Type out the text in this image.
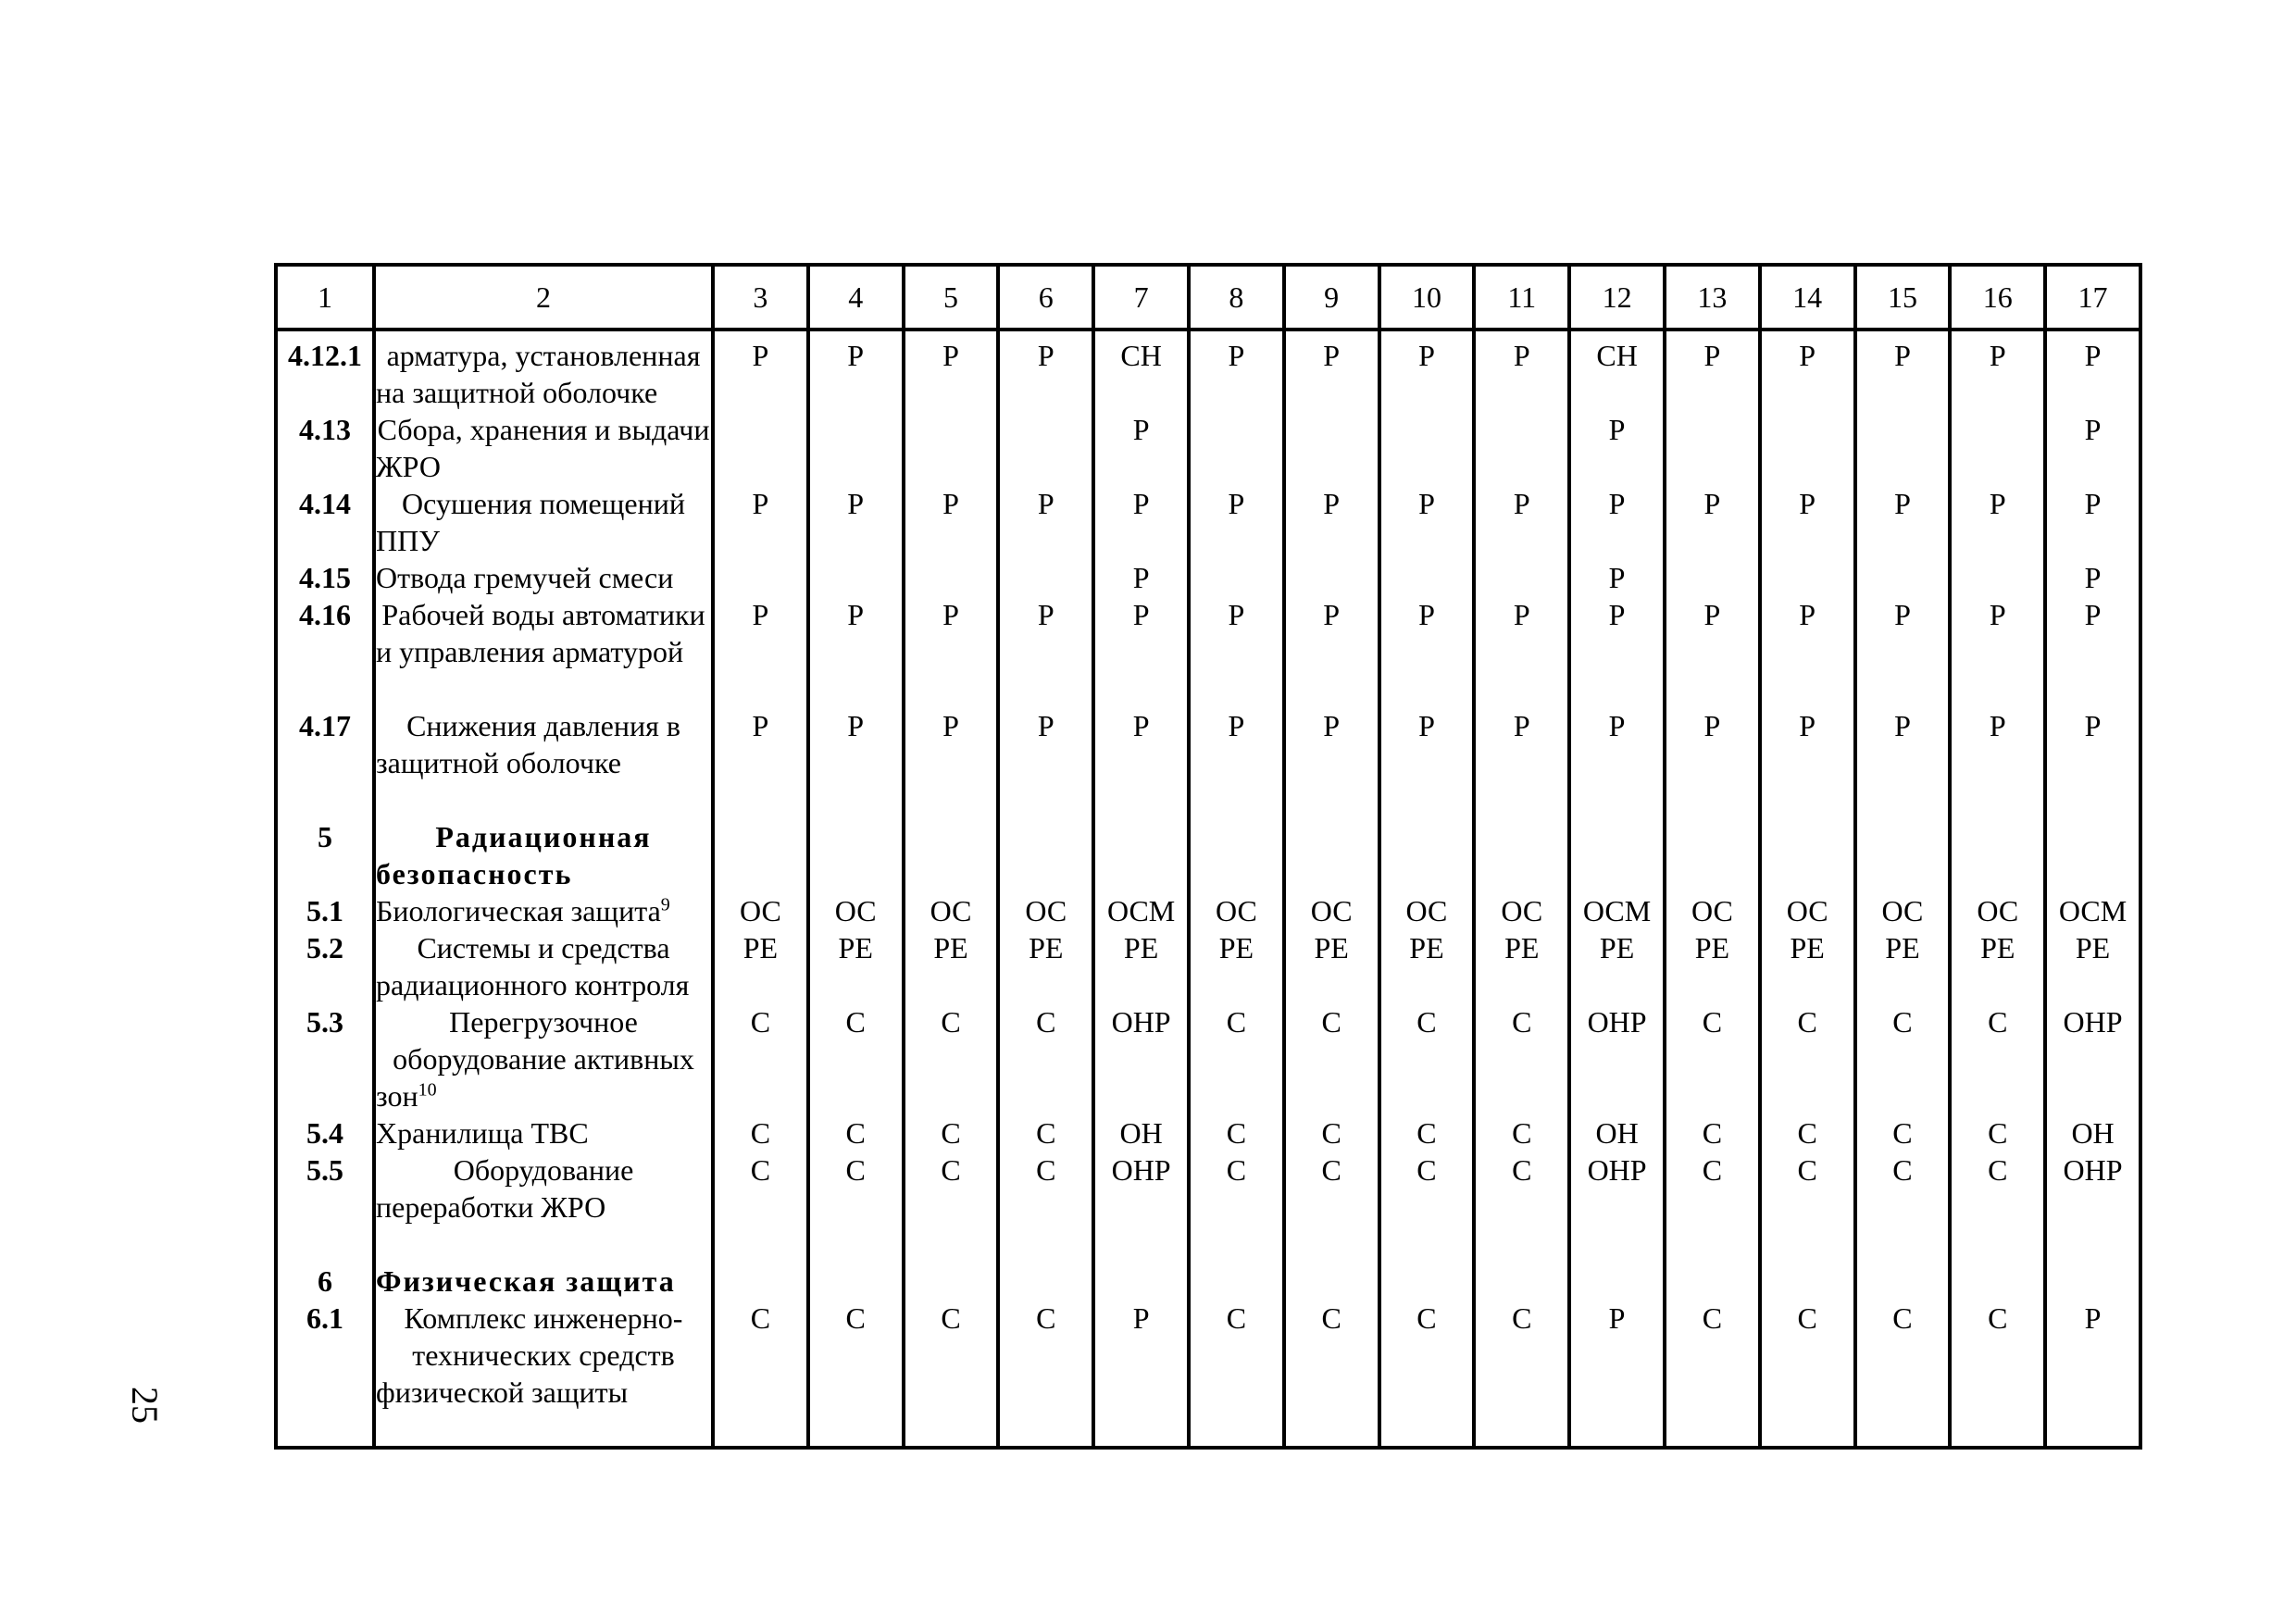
25
1	2	3	4	5	6	7	8	9	10	11	12	13	14	15	16	17
4.12.1	арматура, установленная на защитной оболочке	Р	Р	Р	Р	СН	Р	Р	Р	Р	СН	Р	Р	Р	Р	Р
4.13	Сбора, хранения и выдачи ЖРО					Р					Р					Р
4.14	Осушения помещений ППУ	Р	Р	Р	Р	Р	Р	Р	Р	Р	Р	Р	Р	Р	Р	Р
4.15	Отвода гремучей смеси					Р					Р					Р
4.16	Рабочей воды автоматики и управления арматурой	Р	Р	Р	Р	Р	Р	Р	Р	Р	Р	Р	Р	Р	Р	Р
4.17	Снижения давления в защитной оболочке	Р	Р	Р	Р	Р	Р	Р	Р	Р	Р	Р	Р	Р	Р	Р

5	Радиационная безопасность															
5.1	Биологическая защита$^9$	ОС	ОС	ОС	ОС	ОСМ	ОС	ОС	ОС	ОС	ОСМ	ОС	ОС	ОС	ОС	ОСМ
5.2	Системы и средства радиационного контроля	РЕ	РЕ	РЕ	РЕ	РЕ	РЕ	РЕ	РЕ	РЕ	РЕ	РЕ	РЕ	РЕ	РЕ	РЕ
5.3	Перегрузочное оборудование активных зон$^{10}$	С	С	С	С	ОНР	С	С	С	С	ОНР	С	С	С	С	ОНР
5.4	Хранилища ТВС	С	С	С	С	ОН	С	С	С	С	ОН	С	С	С	С	ОН
5.5	Оборудование переработки ЖРО	С	С	С	С	ОНР	С	С	С	С	ОНР	С	С	С	С	ОНР

6	Физическая защита															
6.1	Комплекс инженерно-технических средств физической защиты	С	С	С	С	Р	С	С	С	С	Р	С	С	С	С	Р
